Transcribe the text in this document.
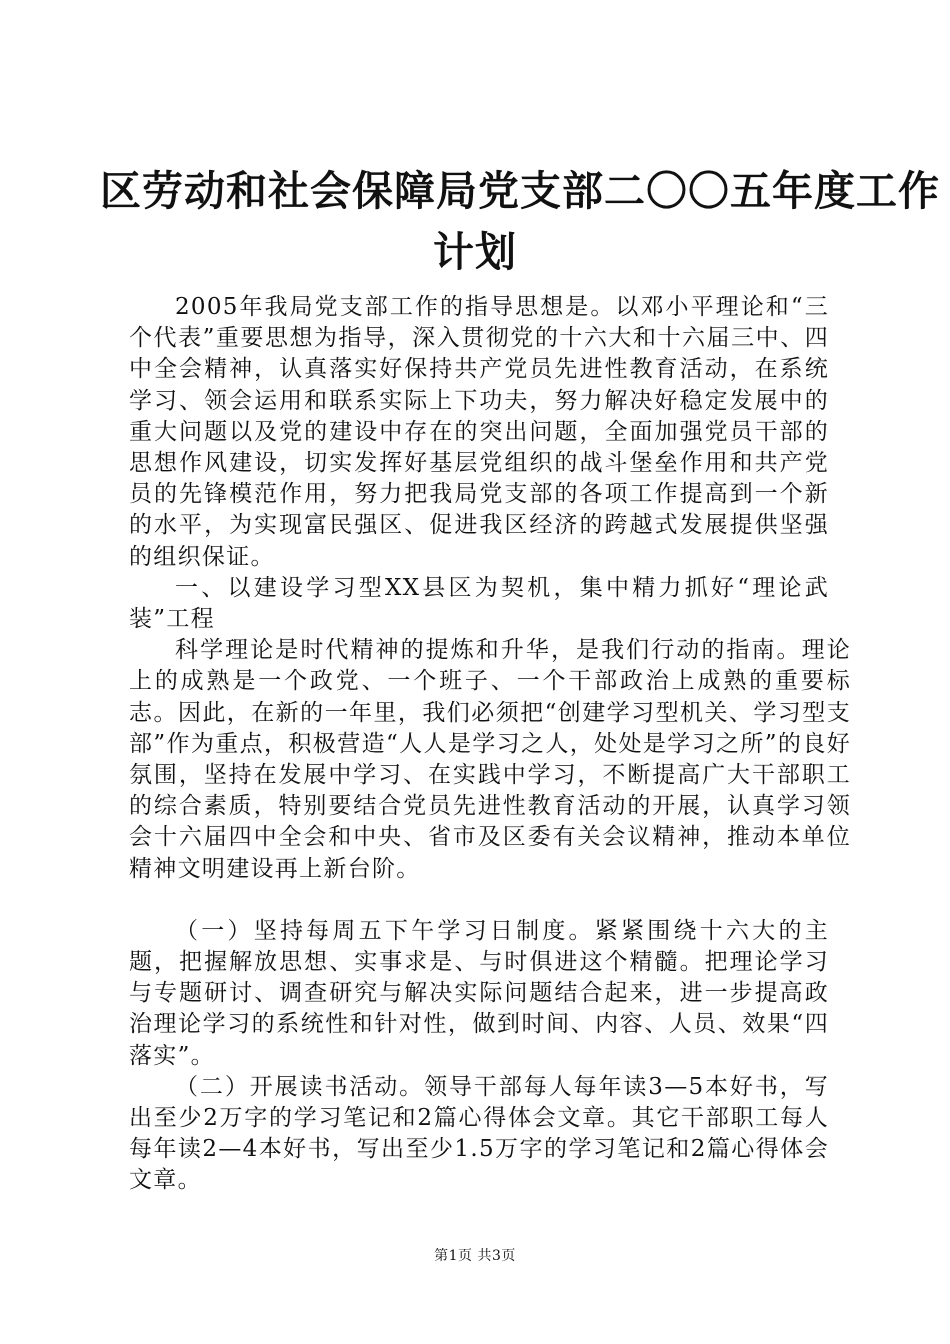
区劳动和社会保障局党支部二〇〇五年度工作
计划

2005年我局党支部工作的指导思想是。以邓小平理论和“三个代表”重要思想为指导，深入贯彻党的十六大和十六届三中、四中全会精神，认真落实好保持共产党员先进性教育活动，在系统学习、领会运用和联系实际上下功夫，努力解决好稳定发展中的重大问题以及党的建设中存在的突出问题，全面加强党员干部的思想作风建设，切实发挥好基层党组织的战斗堡垒作用和共产党员的先锋模范作用，努力把我局党支部的各项工作提高到一个新的水平，为实现富民强区、促进我区经济的跨越式发展提供坚强的组织保证。

一、以建设学习型XX县区为契机，集中精力抓好“理论武装”工程

科学理论是时代精神的提炼和升华，是我们行动的指南。理论上的成熟是一个政党、一个班子、一个干部政治上成熟的重要标志。因此，在新的一年里，我们必须把“创建学习型机关、学习型支部”作为重点，积极营造“人人是学习之人，处处是学习之所”的良好氛围，坚持在发展中学习、在实践中学习，不断提高广大干部职工的综合素质，特别要结合党员先进性教育活动的开展，认真学习领会十六届四中全会和中央、省市及区委有关会议精神，推动本单位精神文明建设再上新台阶。

（一）坚持每周五下午学习日制度。紧紧围绕十六大的主题，把握解放思想、实事求是、与时俱进这个精髓。把理论学习与专题研讨、调查研究与解决实际问题结合起来，进一步提高政治理论学习的系统性和针对性，做到时间、内容、人员、效果“四落实”。

（二）开展读书活动。领导干部每人每年读3—5本好书，写出至少2万字的学习笔记和2篇心得体会文章。其它干部职工每人每年读2—4本好书，写出至少1.5万字的学习笔记和2篇心得体会文章。

第1页 共3页
